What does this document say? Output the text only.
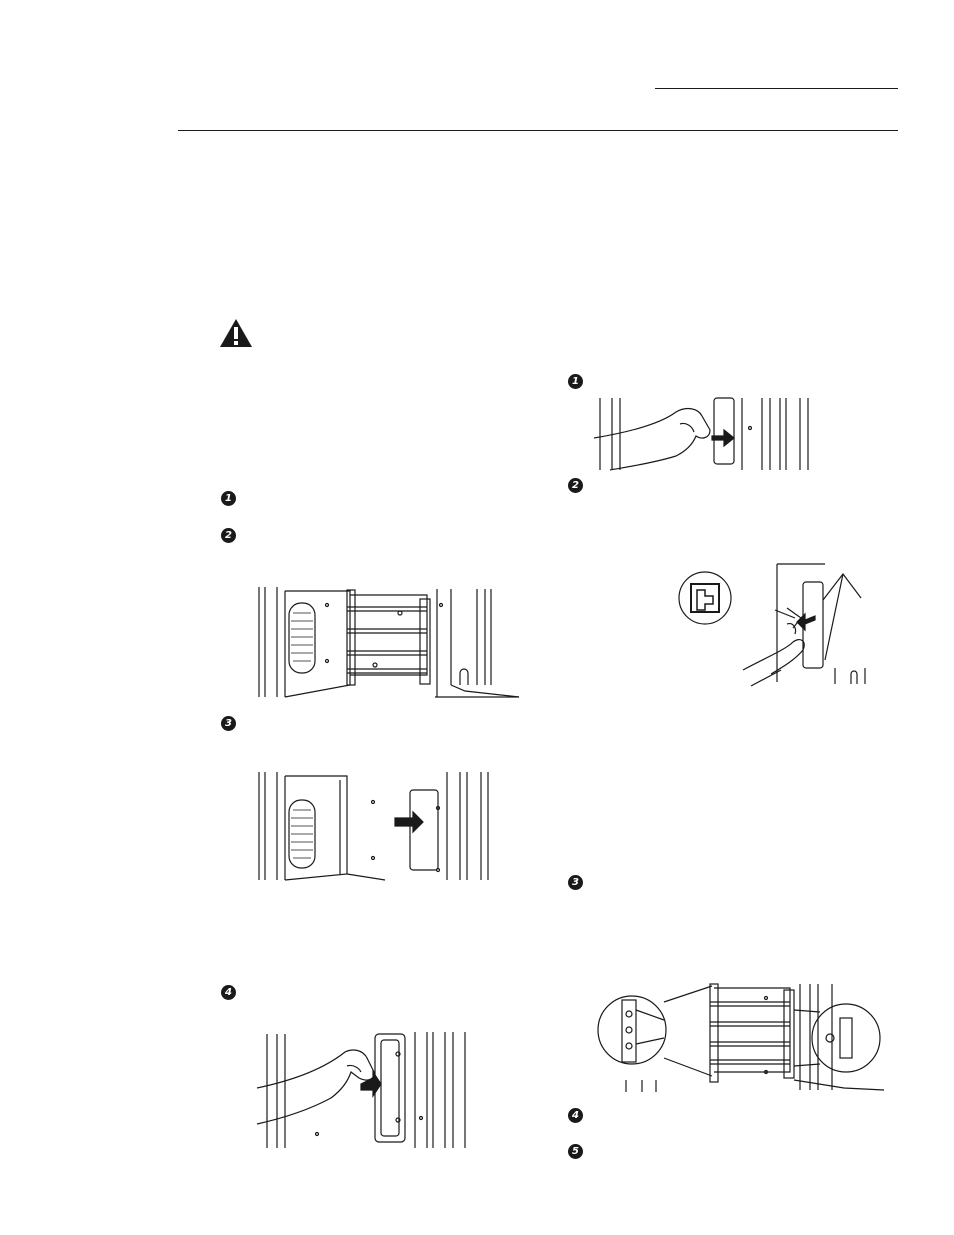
1
2
3
4
1
2
3
4
5
